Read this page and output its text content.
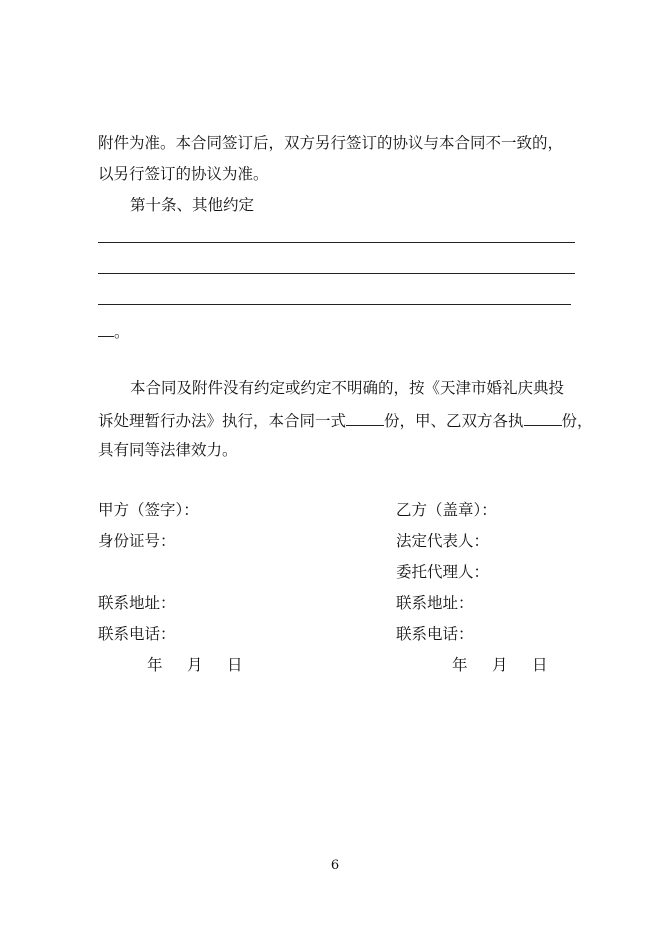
附件为准。本合同签订后，双方另行签订的协议与本合同不一致的，
以另行签订的协议为准。
第十条、其他约定
。
本合同及附件没有约定或约定不明确的，按《天津市婚礼庆典投
诉处理暂行办法》执行，本合同一式 份，甲、乙双方各执 份，
具有同等法律效力。
甲方（签字）：
身份证号：
联系地址：
联系电话：
年 月 日
乙方（盖章）：
法定代表人：
委托代理人：
联系地址：
联系电话：
年 月 日
6
